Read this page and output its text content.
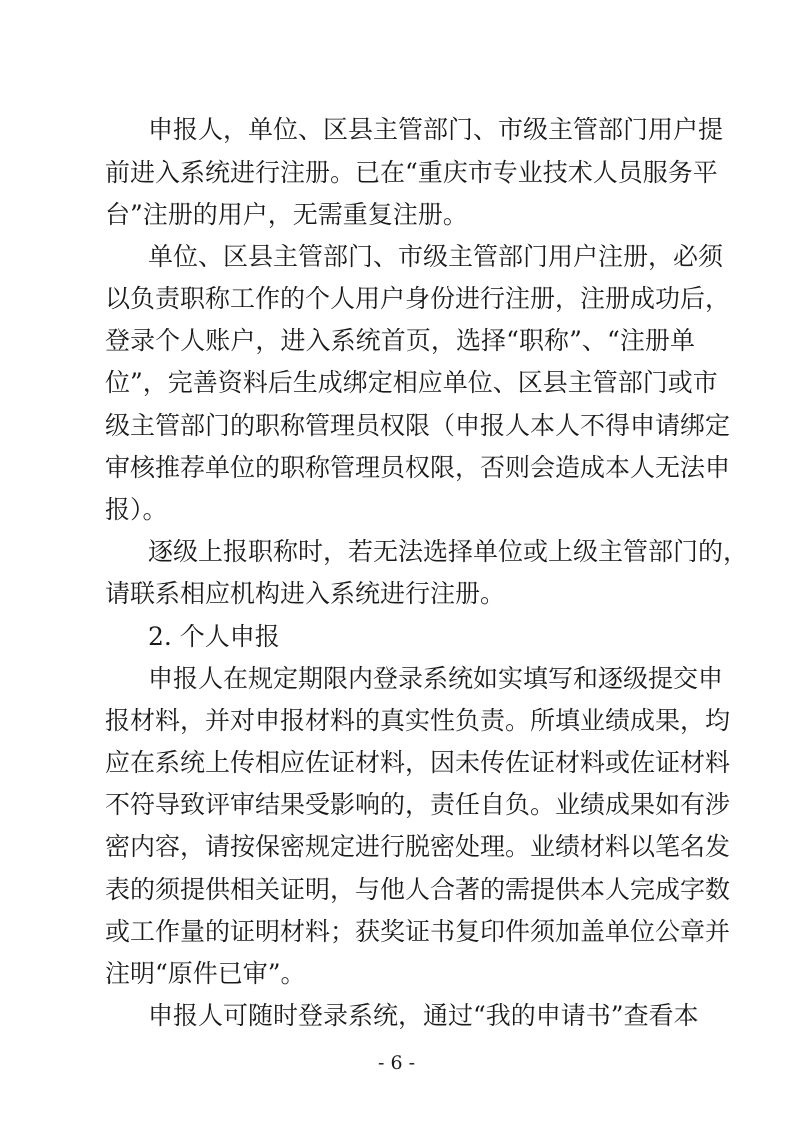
申报人，单位、区县主管部门、市级主管部门用户提

前进入系统进行注册。已在“重庆市专业技术人员服务平

台”注册的用户，无需重复注册。

单位、区县主管部门、市级主管部门用户注册，必须

以负责职称工作的个人用户身份进行注册，注册成功后，

登录个人账户，进入系统首页，选择“职称”、“注册单

位”，完善资料后生成绑定相应单位、区县主管部门或市

级主管部门的职称管理员权限（申报人本人不得申请绑定

审核推荐单位的职称管理员权限，否则会造成本人无法申

报）。

逐级上报职称时，若无法选择单位或上级主管部门的，

请联系相应机构进入系统进行注册。

2. 个人申报

申报人在规定期限内登录系统如实填写和逐级提交申

报材料，并对申报材料的真实性负责。所填业绩成果，均

应在系统上传相应佐证材料，因未传佐证材料或佐证材料

不符导致评审结果受影响的，责任自负。业绩成果如有涉

密内容，请按保密规定进行脱密处理。业绩材料以笔名发

表的须提供相关证明，与他人合著的需提供本人完成字数

或工作量的证明材料；获奖证书复印件须加盖单位公章并

注明“原件已审”。

申报人可随时登录系统，通过“我的申请书”查看本

- 6 -
